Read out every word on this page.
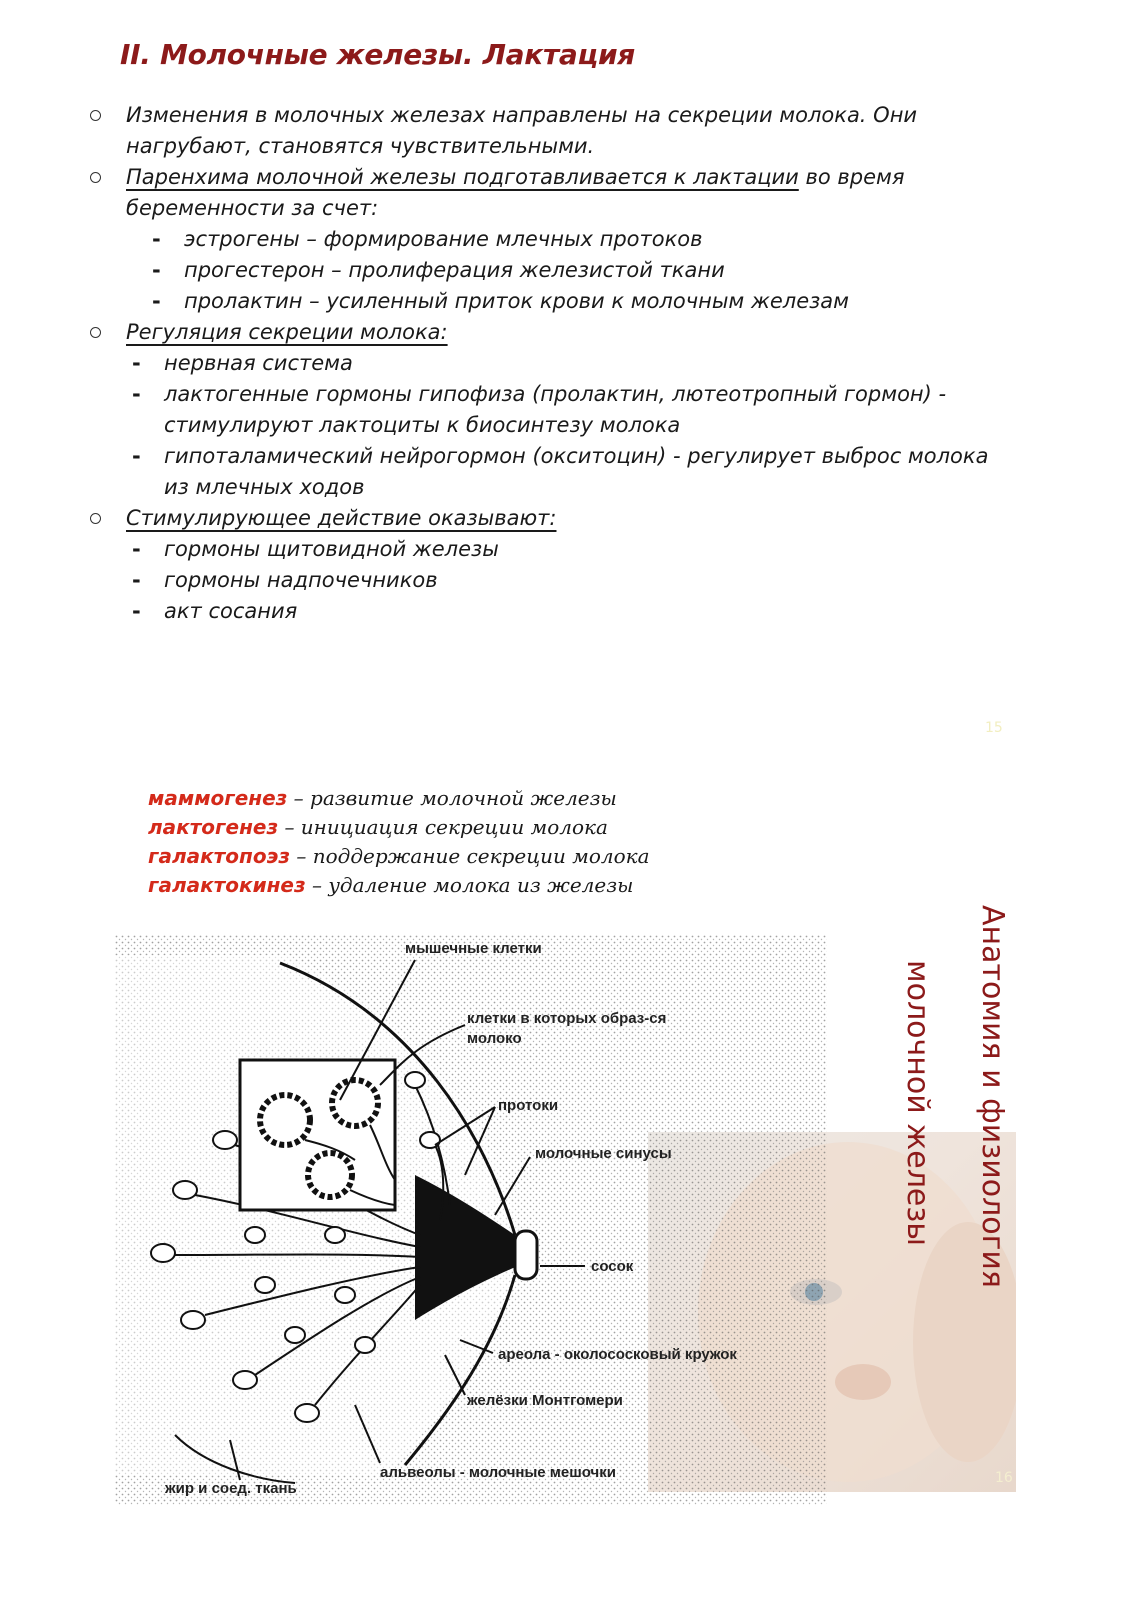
II. Молочные железы. Лактация
Изменения в молочных железах направлены на секреции молока. Они нагрубают, становятся чувствительными.
Паренхима молочной железы подготавливается к лактации во время беременности за счет:
- эстрогены – формирование млечных протоков
- прогестерон – пролиферация железистой ткани
- пролактин – усиленный приток крови к молочным железам
Регуляция секреции молока:
- нервная система
- лактогенные гормоны гипофиза (пролактин, лютеотропный гормон) - стимулируют лактоциты к биосинтезу молока
- гипоталамический нейрогормон (окситоцин) - регулирует выброс молока из млечных ходов
Стимулирующее действие оказывают:
- гормоны щитовидной железы
- гормоны надпочечников
- акт сосания
15
маммогенез – развитие молочной железы
лактогенез – инициация секреции молока
галактопоэз – поддержание секреции молока
галактокинез – удаление молока из железы
16
Анатомия и физиология
молочной железы
мышечные клетки
клетки в которых образ-ся
молоко
протоки
молочные синусы
сосок
ареола - околососковый кружок
желёзки Монтгомери
альвеолы - молочные мешочки
жир и соед. ткань
